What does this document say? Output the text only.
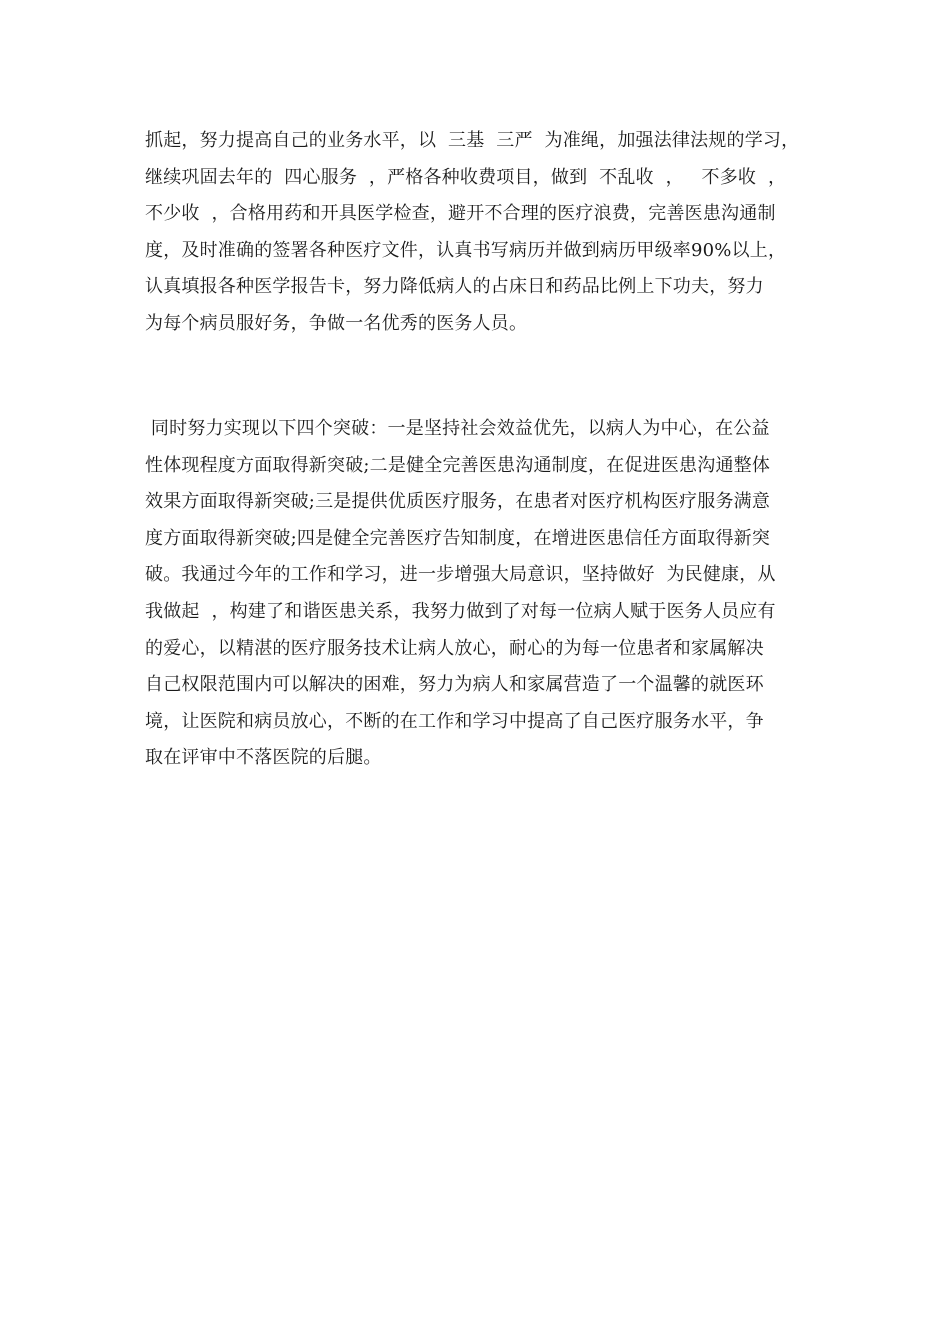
抓起，努力提高自己的业务水平，以  三基  三严  为准绳，加强法律法规的学习，
继续巩固去年的  四心服务  ，严格各种收费项目，做到  不乱收  ，   不多收  ，
不少收  ，合格用药和开具医学检查，避开不合理的医疗浪费，完善医患沟通制
度，及时准确的签署各种医疗文件，认真书写病历并做到病历甲级率90%以上，
认真填报各种医学报告卡，努力降低病人的占床日和药品比例上下功夫，努力
为每个病员服好务，争做一名优秀的医务人员。
同时努力实现以下四个突破：一是坚持社会效益优先，以病人为中心，在公益
性体现程度方面取得新突破;二是健全完善医患沟通制度，在促进医患沟通整体
效果方面取得新突破;三是提供优质医疗服务，在患者对医疗机构医疗服务满意
度方面取得新突破;四是健全完善医疗告知制度，在增进医患信任方面取得新突
破。我通过今年的工作和学习，进一步增强大局意识，坚持做好  为民健康，从
我做起  ，构建了和谐医患关系，我努力做到了对每一位病人赋于医务人员应有
的爱心，以精湛的医疗服务技术让病人放心，耐心的为每一位患者和家属解决
自己权限范围内可以解决的困难，努力为病人和家属营造了一个温馨的就医环
境，让医院和病员放心，不断的在工作和学习中提高了自己医疗服务水平，争
取在评审中不落医院的后腿。
